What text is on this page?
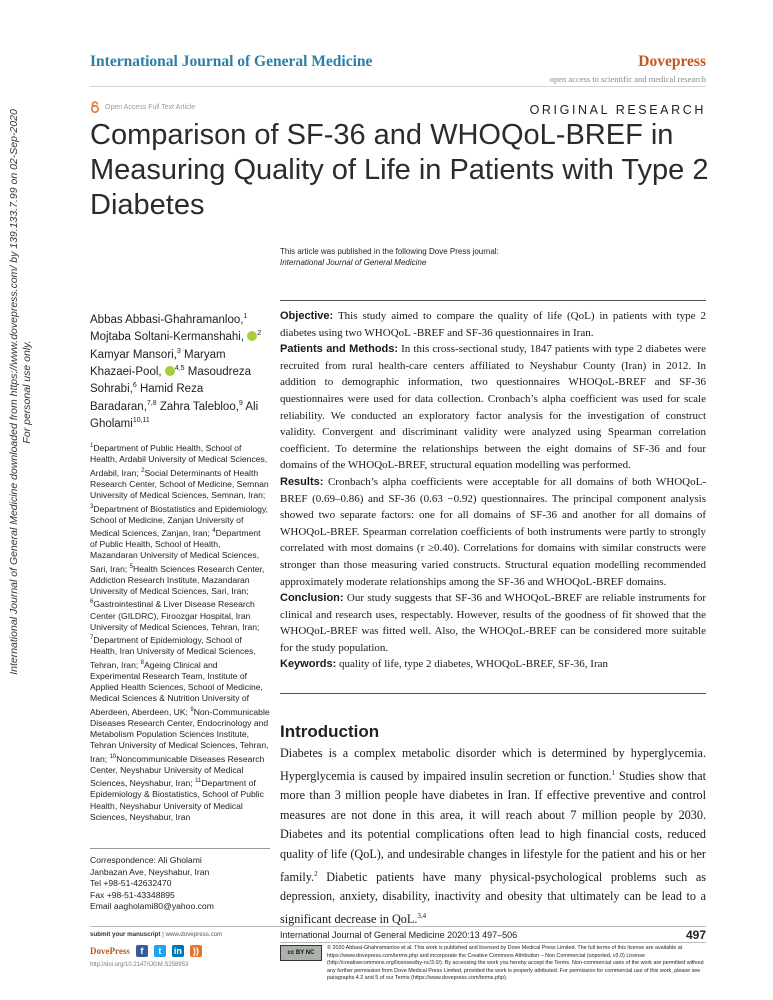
International Journal of General Medicine downloaded from https://www.dovepress.com/ by 139.133.7.99 on 02-Sep-2020 For personal use only.
International Journal of General Medicine	Dovepress
open access to scientific and medical research
Open Access Full Text Article	ORIGINAL RESEARCH
Comparison of SF-36 and WHOQoL-BREF in Measuring Quality of Life in Patients with Type 2 Diabetes
This article was published in the following Dove Press journal:
International Journal of General Medicine
Abbas Abbasi-Ghahramanloo,$^1$ Mojtaba Soltani-Kermanshahi, $^2$ Kamyar Mansori,$^3$ Maryam Khazaei-Pool, $^{4,5}$ Masoudreza Sohrabi,$^6$ Hamid Reza Baradaran,$^{7,8}$ Zahra Talebloo,$^9$ Ali Gholami$^{10,11}$
$^1$Department of Public Health, School of Health, Ardabil University of Medical Sciences, Ardabil, Iran; $^2$Social Determinants of Health Research Center, School of Medicine, Semnan University of Medical Sciences, Semnan, Iran; $^3$Department of Biostatistics and Epidemiology, School of Medicine, Zanjan University of Medical Sciences, Zanjan, Iran; $^4$Department of Public Health, School of Health, Mazandaran University of Medical Sciences, Sari, Iran; $^5$Health Sciences Research Center, Addiction Research Institute, Mazandaran University of Medical Sciences, Sari, Iran; $^6$Gastrointestinal & Liver Disease Research Center (GILDRC), Firoozgar Hospital, Iran University of Medical Sciences, Tehran, Iran; $^7$Department of Epidemiology, School of Health, Iran University of Medical Sciences, Tehran, Iran; $^8$Ageing Clinical and Experimental Research Team, Institute of Applied Health Sciences, School of Medicine, Medical Sciences & Nutrition University of Aberdeen, Aberdeen, UK; $^9$Non-Communicable Diseases Research Center, Endocrinology and Metabolism Population Sciences Institute, Tehran University of Medical Sciences, Tehran, Iran; $^{10}$Noncommunicable Diseases Research Center, Neyshabur University of Medical Sciences, Neyshabur, Iran; $^{11}$Department of Epidemiology & Biostatistics, School of Public Health, Neyshabur University of Medical Sciences, Neyshabur, Iran
Correspondence: Ali Gholami
Janbazan Ave, Neyshabur, Iran
Tel +98-51-42632470
Fax +98-51-43348895
Email aagholami80@yahoo.com

Objective: This study aimed to compare the quality of life (QoL) in patients with type 2 diabetes using two WHOQoL -BREF and SF-36 questionnaires in Iran.

Patients and Methods: In this cross-sectional study, 1847 patients with type 2 diabetes were recruited from rural health-care centers affiliated to Neyshabur County (Iran) in 2012. In addition to demographic information, two questionnaires WHOQoL-BREF and SF-36 questionnaires were used for data collection. Cronbach’s alpha coefficient was used for scale reliability. We conducted an exploratory factor analysis for the investigation of construct validity. Convergent and discriminant validity were analyzed using Spearman correlation coefficient. To determine the relationships between the eight domains of SF-36 and four domains of the WHOQoL-BREF, structural equation modelling was performed.

Results: Cronbach’s alpha coefficients were acceptable for all domains of both WHOQoL-BREF (0.69–0.86) and SF-36 (0.63 −0.92) questionnaires. The principal component analysis showed two separate factors: one for all domains of SF-36 and another for all domains of WHOQoL-BREF. Spearman correlation coefficients of both instruments were partly to strongly correlated with most domains (r ≥0.40). Correlations for domains with similar constructs were stronger than those measuring varied constructs. Structural equation modelling recommended approximately moderate relationships among the SF-36 and WHOQoL-BREF domains.

Conclusion: Our study suggests that SF-36 and WHOQoL-BREF are reliable instruments for clinical and research uses, respectably. However, results of the goodness of fit showed that the WHOQoL-BREF was fitted well. Also, the WHOQoL-BREF can be considered more suitable for the study population.

Keywords: quality of life, type 2 diabetes, WHOQoL-BREF, SF-36, Iran

Introduction

Diabetes is a complex metabolic disorder which is determined by hyperglycemia. Hyperglycemia is caused by impaired insulin secretion or function.$^1$ Studies show that more than 3 million people have diabetes in Iran. If effective preventive and control measures are not done in this area, it will reach about 7 million people by 2030. Diabetes and its potential complications often lead to high financial costs, reduced quality of life (QoL), and undesirable changes in lifestyle for the patient and his or her family.$^2$ Diabetic patients have many physical-psychological problems such as depression, anxiety, disability, inactivity and obesity that ultimately can be lead to a significant decrease in QoL.$^{3,4}$

submit your manuscript | www.dovepress.com
DovePress	f	t	in	))
http://doi.org/10.2147/IJGM.S258953
International Journal of General Medicine 2020:13 497–506	497
cc BY NC
© 2020 Abbasi-Ghahramanloo et al. This work is published and licensed by Dove Medical Press Limited. The full terms of this license are available at https://www.dovepress.com/terms.php and incorporate the Creative Commons Attribution – Non Commercial (unported, v3.0) License (http://creativecommons.org/licenses/by-nc/3.0/). By accessing the work you hereby accept the Terms. Non-commercial uses of the work are permitted without any further permission from Dove Medical Press Limited, provided the work is properly attributed. For permission for commercial use of this work, please see paragraphs 4.2 and 5 of our Terms (https://www.dovepress.com/terms.php).
